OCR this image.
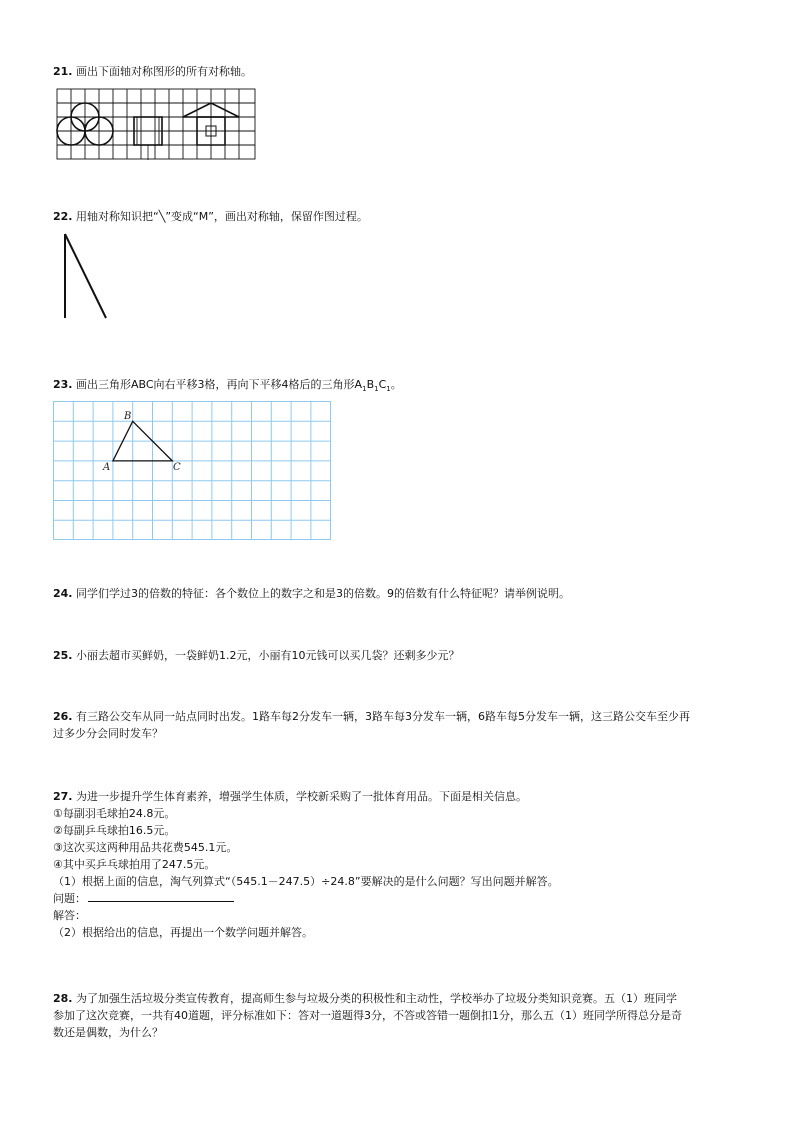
21. 画出下面轴对称图形的所有对称轴。

22. 用轴对称知识把“╲”变成“M”，画出对称轴，保留作图过程。

23. 画出三角形ABC向右平移3格，再向下平移4格后的三角形$A_1B_1C_1$。

A
B
C

24. 同学们学过3的倍数的特征：各个数位上的数字之和是3的倍数。9的倍数有什么特征呢？请举例说明。

25. 小丽去超市买鲜奶，一袋鲜奶1.2元，小丽有10元钱可以买几袋？还剩多少元？

26. 有三路公交车从同一站点同时出发。1路车每2分发车一辆，3路车每3分发车一辆，6路车每5分发车一辆，这三路公交车至少再
过多少分会同时发车？

27. 为进一步提升学生体育素养，增强学生体质，学校新采购了一批体育用品。下面是相关信息。
①每副羽毛球拍24.8元。
②每副乒乓球拍16.5元。
③这次买这两种用品共花费545.1元。
④其中买乒乓球拍用了247.5元。
（1）根据上面的信息，淘气列算式“（545.1－247.5）÷24.8”要解决的是什么问题？写出问题并解答。
问题：
解答：
（2）根据给出的信息，再提出一个数学问题并解答。

28. 为了加强生活垃圾分类宣传教育，提高师生参与垃圾分类的积极性和主动性，学校举办了垃圾分类知识竞赛。五（1）班同学
参加了这次竞赛，一共有40道题，评分标准如下：答对一道题得3分，不答或答错一题倒扣1分，那么五（1）班同学所得总分是奇
数还是偶数，为什么？
